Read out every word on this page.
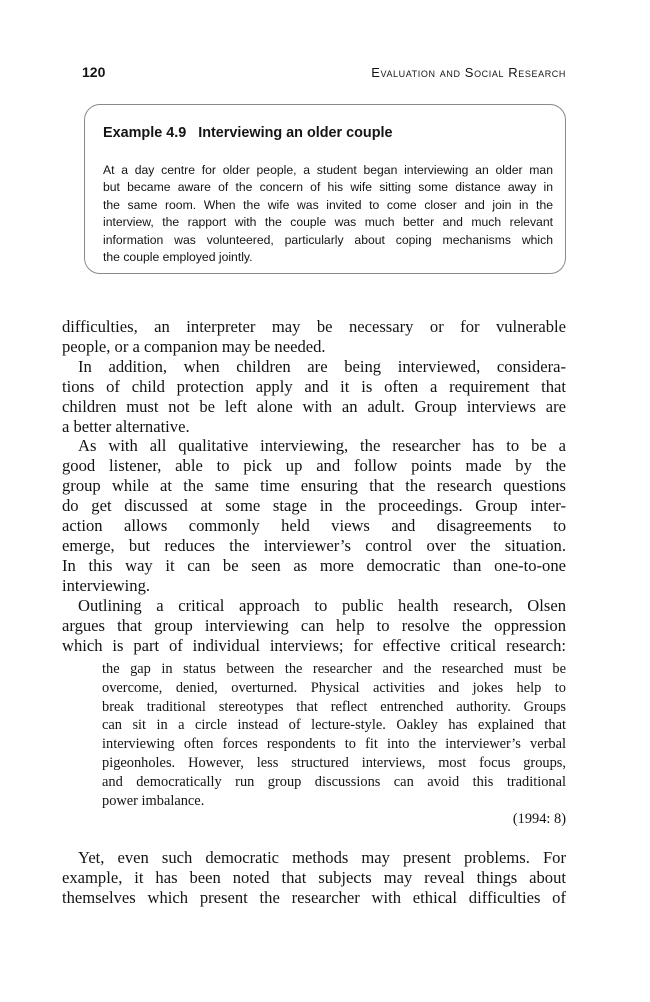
120	Evaluation and Social Research
Example 4.9 Interviewing an older couple
At a day centre for older people, a student began interviewing an older man
but became aware of the concern of his wife sitting some distance away in
the same room. When the wife was invited to come closer and join in the
interview, the rapport with the couple was much better and much relevant
information was volunteered, particularly about coping mechanisms which
the couple employed jointly.
difficulties, an interpreter may be necessary or for vulnerable
people, or a companion may be needed.
In addition, when children are being interviewed, considera-
tions of child protection apply and it is often a requirement that
children must not be left alone with an adult. Group interviews are
a better alternative.
As with all qualitative interviewing, the researcher has to be a
good listener, able to pick up and follow points made by the
group while at the same time ensuring that the research questions
do get discussed at some stage in the proceedings. Group inter-
action allows commonly held views and disagreements to
emerge, but reduces the interviewer’s control over the situation.
In this way it can be seen as more democratic than one-to-one
interviewing.
Outlining a critical approach to public health research, Olsen
argues that group interviewing can help to resolve the oppression
which is part of individual interviews; for effective critical research:
the gap in status between the researcher and the researched must be
overcome, denied, overturned. Physical activities and jokes help to
break traditional stereotypes that reflect entrenched authority. Groups
can sit in a circle instead of lecture-style. Oakley has explained that
interviewing often forces respondents to fit into the interviewer’s verbal
pigeonholes. However, less structured interviews, most focus groups,
and democratically run group discussions can avoid this traditional
power imbalance.
(1994: 8)
Yet, even such democratic methods may present problems. For
example, it has been noted that subjects may reveal things about
themselves which present the researcher with ethical difficulties of
